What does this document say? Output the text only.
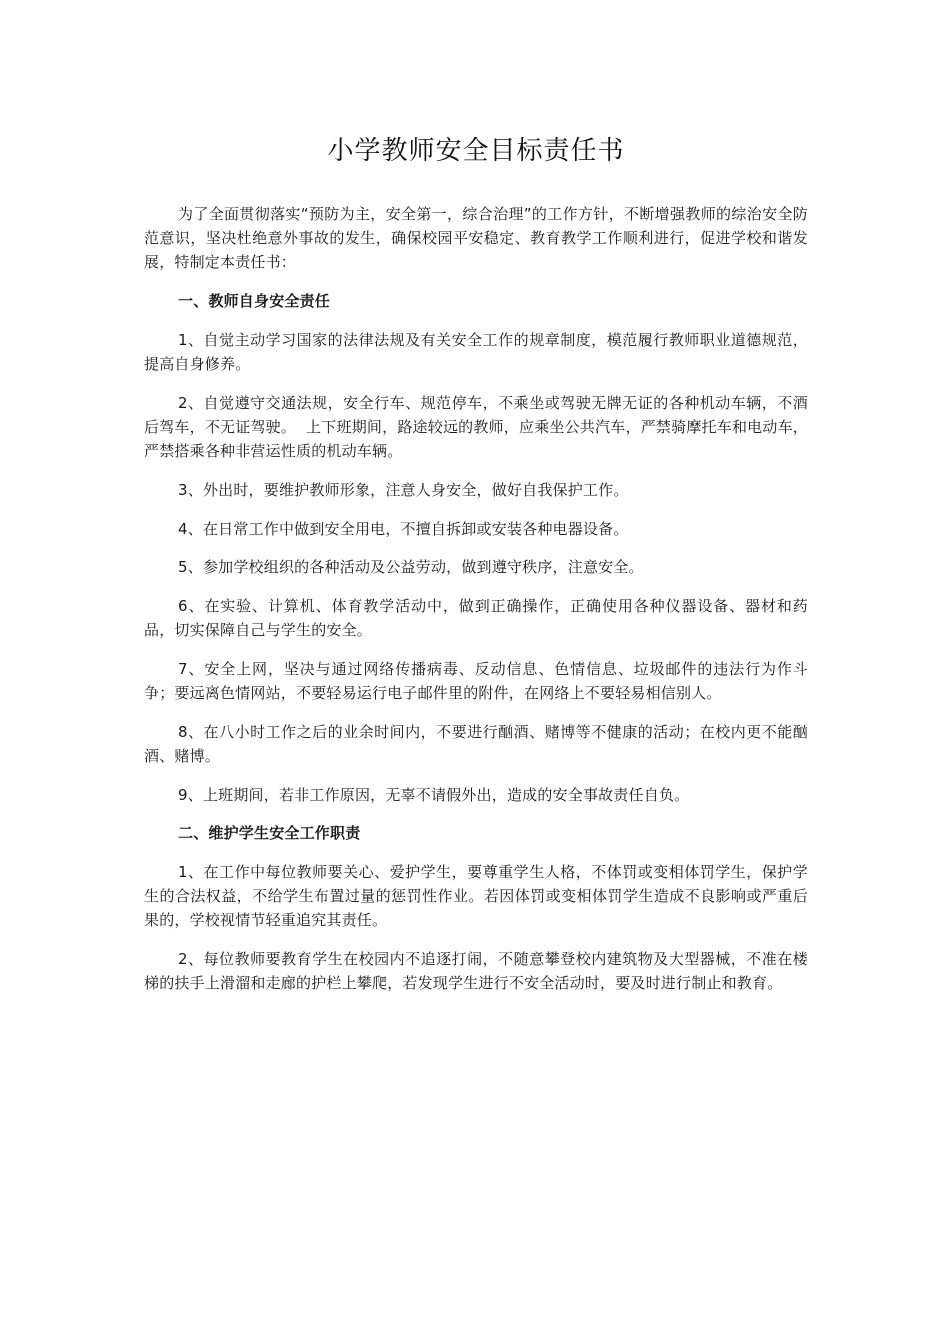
小学教师安全目标责任书

为了全面贯彻落实“预防为主，安全第一，综合治理”的工作方针，不断增强教师的综治安全防范意识，坚决杜绝意外事故的发生，确保校园平安稳定、教育教学工作顺利进行，促进学校和谐发展，特制定本责任书：

一、教师自身安全责任

1、自觉主动学习国家的法律法规及有关安全工作的规章制度，模范履行教师职业道德规范，提高自身修养。

2、自觉遵守交通法规，安全行车、规范停车，不乘坐或驾驶无牌无证的各种机动车辆，不酒后驾车，不无证驾驶。  上下班期间，路途较远的教师，应乘坐公共汽车，严禁骑摩托车和电动车，严禁搭乘各种非营运性质的机动车辆。

3、外出时，要维护教师形象，注意人身安全，做好自我保护工作。

4、在日常工作中做到安全用电，不擅自拆卸或安装各种电器设备。

5、参加学校组织的各种活动及公益劳动，做到遵守秩序，注意安全。

6、在实验、计算机、体育教学活动中，做到正确操作，正确使用各种仪器设备、器材和药品，切实保障自己与学生的安全。

7、安全上网，坚决与通过网络传播病毒、反动信息、色情信息、垃圾邮件的违法行为作斗争；要远离色情网站，不要轻易运行电子邮件里的附件，在网络上不要轻易相信别人。

8、在八小时工作之后的业余时间内，不要进行酗酒、赌博等不健康的活动；在校内更不能酗酒、赌博。

9、上班期间，若非工作原因，无辜不请假外出，造成的安全事故责任自负。

二、维护学生安全工作职责

1、在工作中每位教师要关心、爱护学生，要尊重学生人格，不体罚或变相体罚学生，保护学生的合法权益，不给学生布置过量的惩罚性作业。若因体罚或变相体罚学生造成不良影响或严重后果的，学校视情节轻重追究其责任。

2、每位教师要教育学生在校园内不追逐打闹，不随意攀登校内建筑物及大型器械，不准在楼梯的扶手上滑溜和走廊的护栏上攀爬，若发现学生进行不安全活动时，要及时进行制止和教育。
